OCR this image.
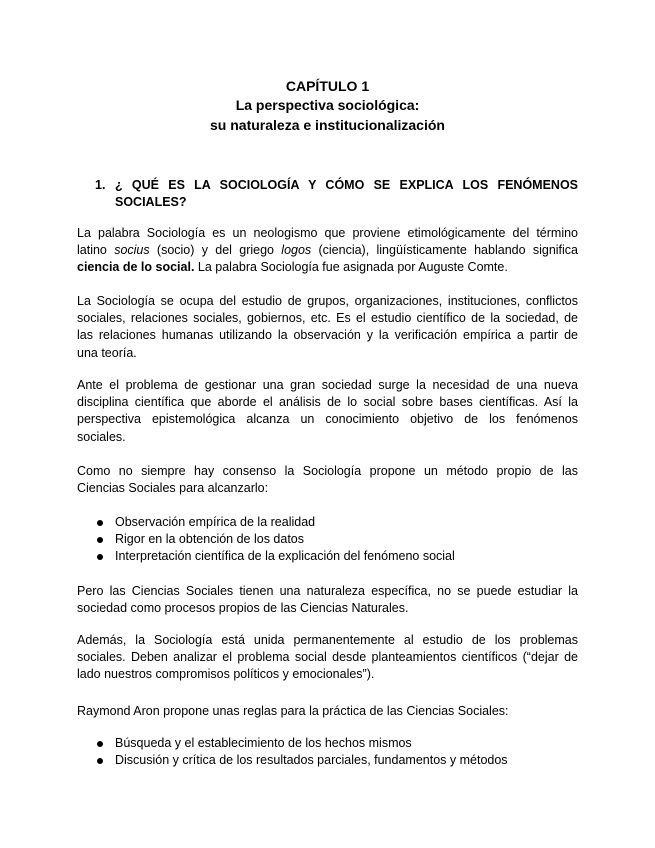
CAPÍTULO 1
La perspectiva sociológica:
su naturaleza e institucionalización
1. ¿ QUÉ ES LA SOCIOLOGÍA Y CÓMO SE EXPLICA LOS FENÓMENOS
SOCIALES?
La palabra Sociología es un neologismo que proviene etimológicamente del término
latino socius (socio) y del griego logos (ciencia), lingüísticamente hablando significa
ciencia de lo social. La palabra Sociología fue asignada por Auguste Comte.
La Sociología se ocupa del estudio de grupos, organizaciones, instituciones, conflictos
sociales, relaciones sociales, gobiernos, etc. Es el estudio científico de la sociedad, de
las relaciones humanas utilizando la observación y la verificación empírica a partir de
una teoría.
Ante el problema de gestionar una gran sociedad surge la necesidad de una nueva
disciplina científica que aborde el análisis de lo social sobre bases científicas. Así la
perspectiva epistemológica alcanza un conocimiento objetivo de los fenómenos
sociales.
Como no siempre hay consenso la Sociología propone un método propio de las
Ciencias Sociales para alcanzarlo:
Observación empírica de la realidad
Rigor en la obtención de los datos
Interpretación científica de la explicación del fenómeno social
Pero las Ciencias Sociales tienen una naturaleza específica, no se puede estudiar la
sociedad como procesos propios de las Ciencias Naturales.
Además, la Sociología está unida permanentemente al estudio de los problemas
sociales. Deben analizar el problema social desde planteamientos científicos (“dejar de
lado nuestros compromisos políticos y emocionales”).
Raymond Aron propone unas reglas para la práctica de las Ciencias Sociales:
Búsqueda y el establecimiento de los hechos mismos
Discusión y crítica de los resultados parciales, fundamentos y métodos
